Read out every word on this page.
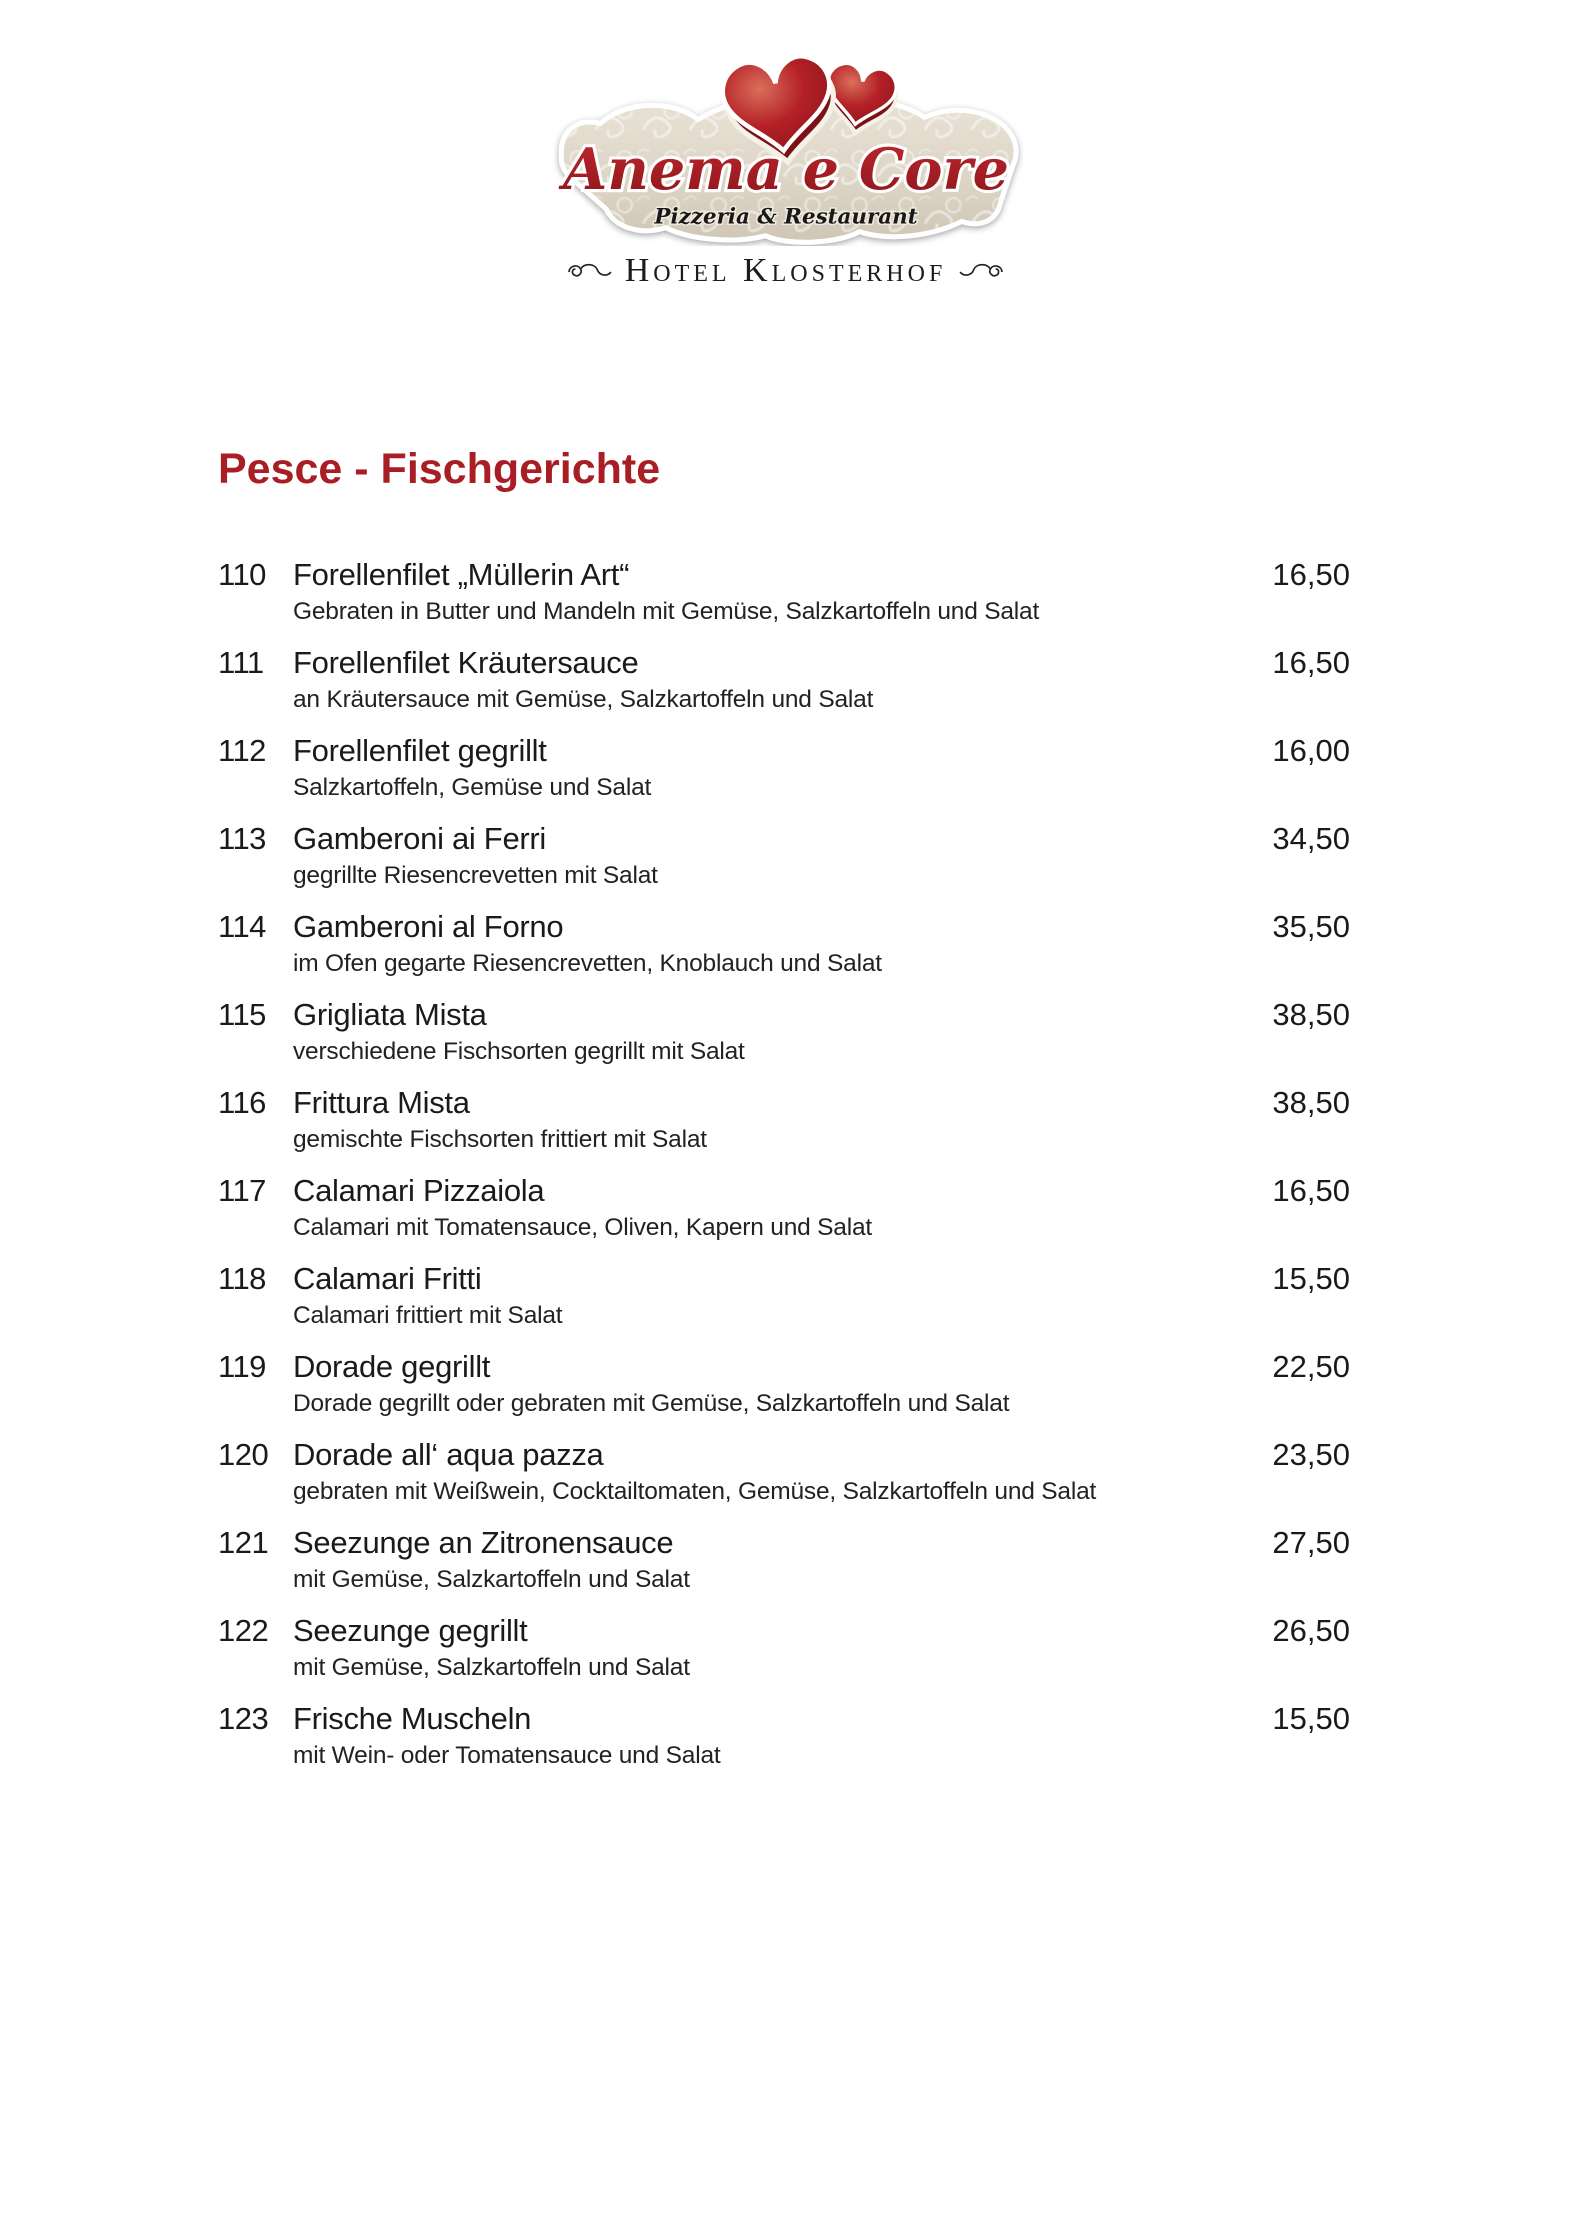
Anema e Core
Pizzeria & Restaurant
Hotel Klosterhof
Pesce - Fischgerichte
110 Forellenfilet „Müllerin Art“
Gebraten in Butter und Mandeln mit Gemüse, Salzkartoffeln und Salat
16,50
111 Forellenfilet Kräutersauce
an Kräutersauce mit Gemüse, Salzkartoffeln und Salat
16,50
112 Forellenfilet gegrillt
Salzkartoffeln, Gemüse und Salat
16,00
113 Gamberoni ai Ferri
gegrillte Riesencrevetten mit Salat
34,50
114 Gamberoni al Forno
im Ofen gegarte Riesencrevetten, Knoblauch und Salat
35,50
115 Grigliata Mista
verschiedene Fischsorten gegrillt mit Salat
38,50
116 Frittura Mista
gemischte Fischsorten frittiert mit Salat
38,50
117 Calamari Pizzaiola
Calamari mit Tomatensauce, Oliven, Kapern und Salat
16,50
118 Calamari Fritti
Calamari frittiert mit Salat
15,50
119 Dorade gegrillt
Dorade gegrillt oder gebraten mit Gemüse, Salzkartoffeln und Salat
22,50
120 Dorade all‘ aqua pazza
gebraten mit Weißwein, Cocktailtomaten, Gemüse, Salzkartoffeln und Salat
23,50
121 Seezunge an Zitronensauce
mit Gemüse, Salzkartoffeln und Salat
27,50
122 Seezunge gegrillt
mit Gemüse, Salzkartoffeln und Salat
26,50
123 Frische Muscheln
mit Wein- oder Tomatensauce und Salat
15,50
